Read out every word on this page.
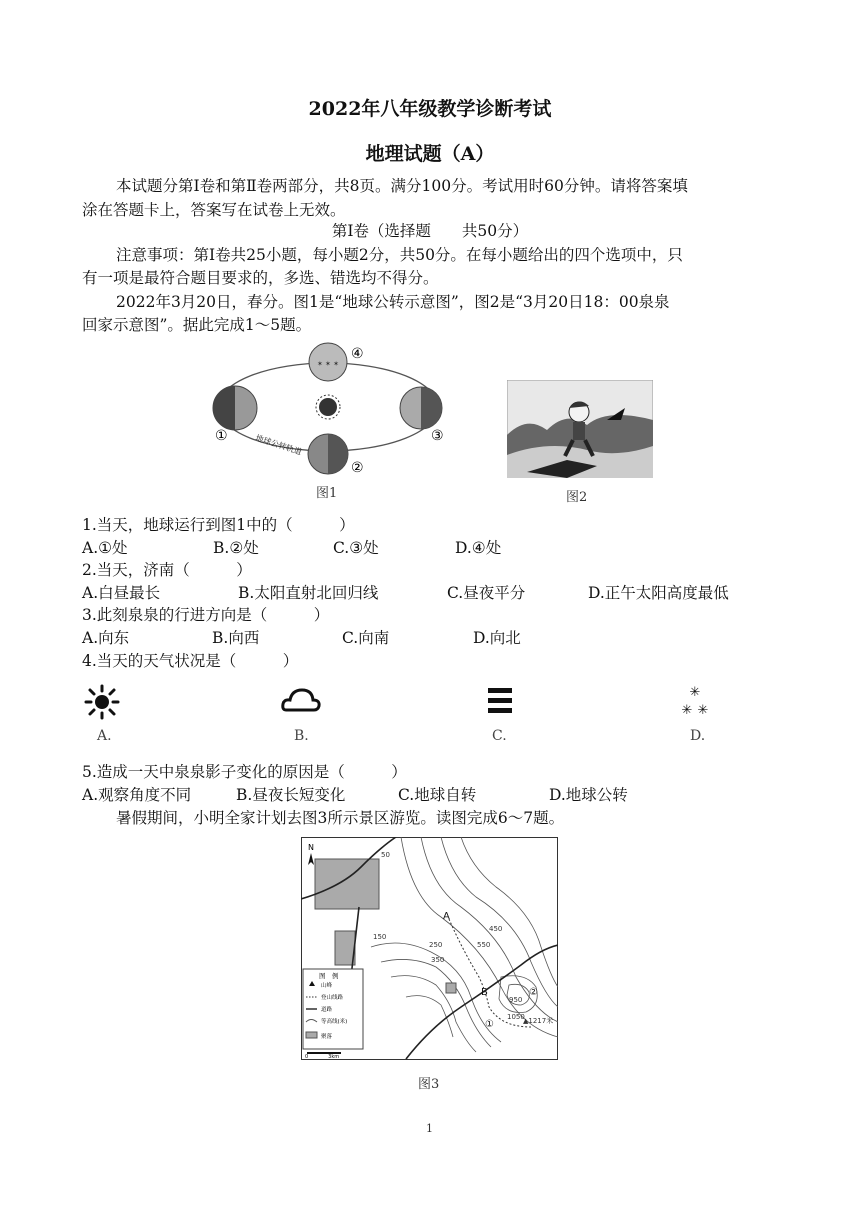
2022年八年级教学诊断考试
地理试题（A）
本试题分第Ⅰ卷和第Ⅱ卷两部分，共8页。满分100分。考试用时60分钟。请将答案填
涂在答题卡上，答案写在试卷上无效。
第Ⅰ卷（选择题　　共50分）
注意事项：第Ⅰ卷共25小题，每小题2分，共50分。在每小题给出的四个选项中，只
有一项是最符合题目要求的，多选、错选均不得分。
2022年3月20日，春分。图1是“地球公转示意图”，图2是“3月20日18：00泉泉
回家示意图”。据此完成1～5题。
✶ ✶ ✶
①
②
③
④
地球公转轨道
图1	图2
1.当天，地球运行到图1中的（　　　）
A.①处	B.②处	C.③处	D.④处
2.当天，济南（　　　）
A.白昼最长	B.太阳直射北回归线	C.昼夜平分	D.正午太阳高度最低
3.此刻泉泉的行进方向是（　　　）
A.向东	B.向西	C.向南	D.向北
4.当天的天气状况是（　　　）
✳
✳ ✳
A.	B.	C.	D.
5.造成一天中泉泉影子变化的原因是（　　　）
A.观察角度不同	B.昼夜长短变化	C.地球自转	D.地球公转
暑假期间，小明全家计划去图3所示景区游览。读图完成6～7题。
N
50
150
250
350
450
550
950
1050
▲1217米
A
B
①
②
图　例
山峰
登山线路
道路
等高线(米)
聚落
0　　　　3km
图3
1
